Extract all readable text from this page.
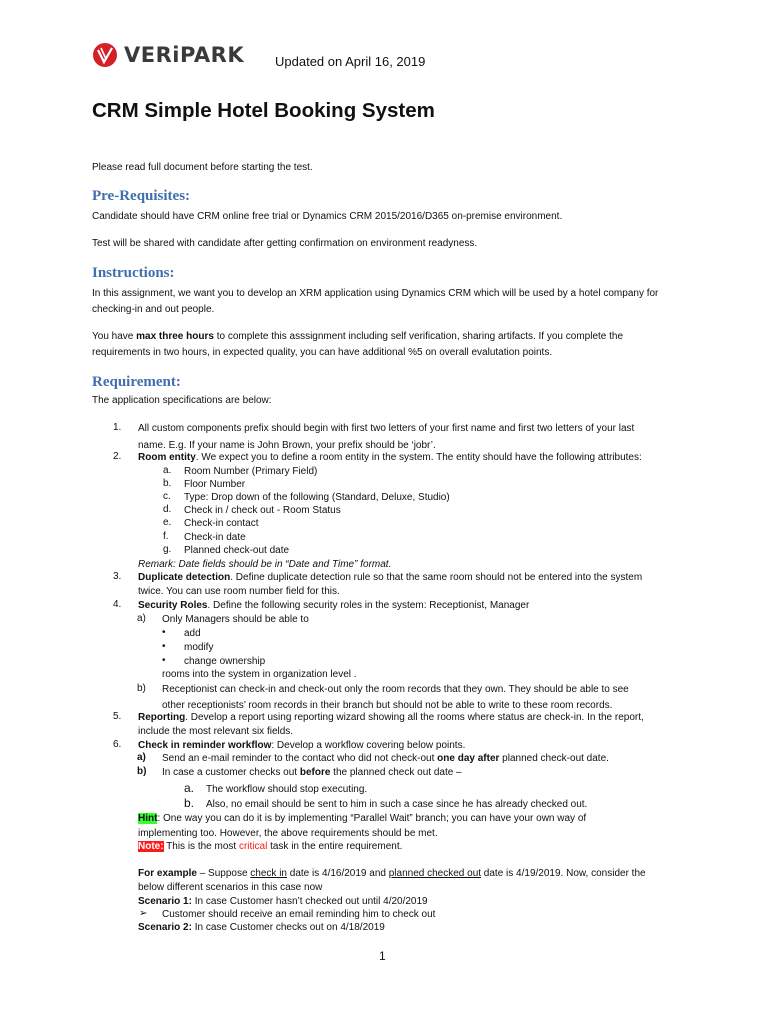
VERiPARK Updated on April 16, 2019
CRM Simple Hotel Booking System
Please read full document before starting the test.
Pre-Requisites:
Candidate should have CRM online free trial or Dynamics CRM 2015/2016/D365 on-premise environment.
Test will be shared with candidate after getting confirmation on environment readyness.
Instructions:
In this assignment, we want you to develop an XRM application using Dynamics CRM which will be used by a hotel company for checking-in and out people.
You have max three hours to complete this asssignment including self verification, sharing artifacts. If you complete the requirements in two hours, in expected quality, you can have additional %5 on overall evalutation points.
Requirement:
The application specifications are below:
1. All custom components prefix should begin with first two letters of your first name and first two letters of your last
name. E.g. If your name is John Brown, your prefix should be ‘jobr’.
2. Room entity. We expect you to define a room entity in the system. The entity should have the following attributes:
a. Room Number (Primary Field)
b. Floor Number
c. Type: Drop down of the following (Standard, Deluxe, Studio)
d. Check in / check out - Room Status
e. Check-in contact
f. Check-in date
g. Planned check-out date
Remark: Date fields should be in “Date and Time” format.
3. Duplicate detection. Define duplicate detection rule so that the same room should not be entered into the system
twice. You can use room number field for this.
4. Security Roles. Define the following security roles in the system: Receptionist, Manager
a) Only Managers should be able to
• add
• modify
• change ownership
rooms into the system in organization level .
b) Receptionist can check-in and check-out only the room records that they own. They should be able to see
other receptionists’ room records in their branch but should not be able to write to these room records.
5. Reporting. Develop a report using reporting wizard showing all the rooms where status are check-in. In the report,
include the most relevant six fields.
6. Check in reminder workflow: Develop a workflow covering below points.
a) Send an e-mail reminder to the contact who did not check-out one day after planned check-out date.
b) In case a customer checks out before the planned check out date –
a. The workflow should stop executing.
b. Also, no email should be sent to him in such a case since he has already checked out.
Hint: One way you can do it is by implementing “Parallel Wait” branch; you can have your own way of
implementing too. However, the above requirements should be met.
Note: This is the most critical task in the entire requirement.
For example – Suppose check in date is 4/16/2019 and planned checked out date is 4/19/2019. Now, consider the
below different scenarios in this case now
Scenario 1: In case Customer hasn’t checked out until 4/20/2019
➢ Customer should receive an email reminding him to check out
Scenario 2: In case Customer checks out on 4/18/2019
1
